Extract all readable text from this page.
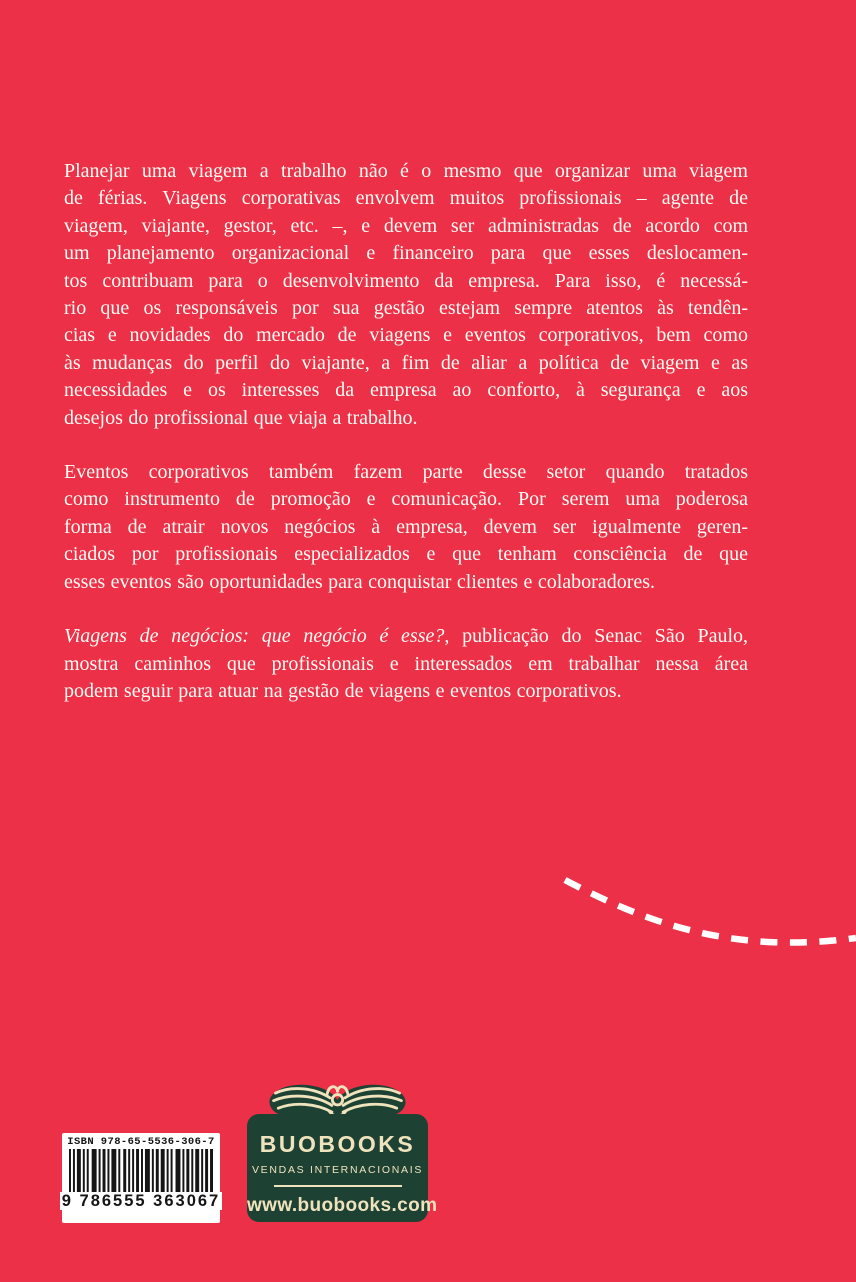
Planejar uma viagem a trabalho não é o mesmo que organizar uma viagem
de férias. Viagens corporativas envolvem muitos profissionais – agente de
viagem, viajante, gestor, etc. –, e devem ser administradas de acordo com
um planejamento organizacional e financeiro para que esses deslocamen-
tos contribuam para o desenvolvimento da empresa. Para isso, é necessá-
rio que os responsáveis por sua gestão estejam sempre atentos às tendên-
cias e novidades do mercado de viagens e eventos corporativos, bem como
às mudanças do perfil do viajante, a fim de aliar a política de viagem e as
necessidades e os interesses da empresa ao conforto, à segurança e aos
desejos do profissional que viaja a trabalho.

Eventos corporativos também fazem parte desse setor quando tratados
como instrumento de promoção e comunicação. Por serem uma poderosa
forma de atrair novos negócios à empresa, devem ser igualmente geren-
ciados por profissionais especializados e que tenham consciência de que
esses eventos são oportunidades para conquistar clientes e colaboradores.

Viagens de negócios: que negócio é esse?, publicação do Senac São Paulo,
mostra caminhos que profissionais e interessados em trabalhar nessa área
podem seguir para atuar na gestão de viagens e eventos corporativos.

ISBN 978-65-5536-306-7
9 786555 363067
BUOBOOKS
VENDAS INTERNACIONAIS
www.buobooks.com
